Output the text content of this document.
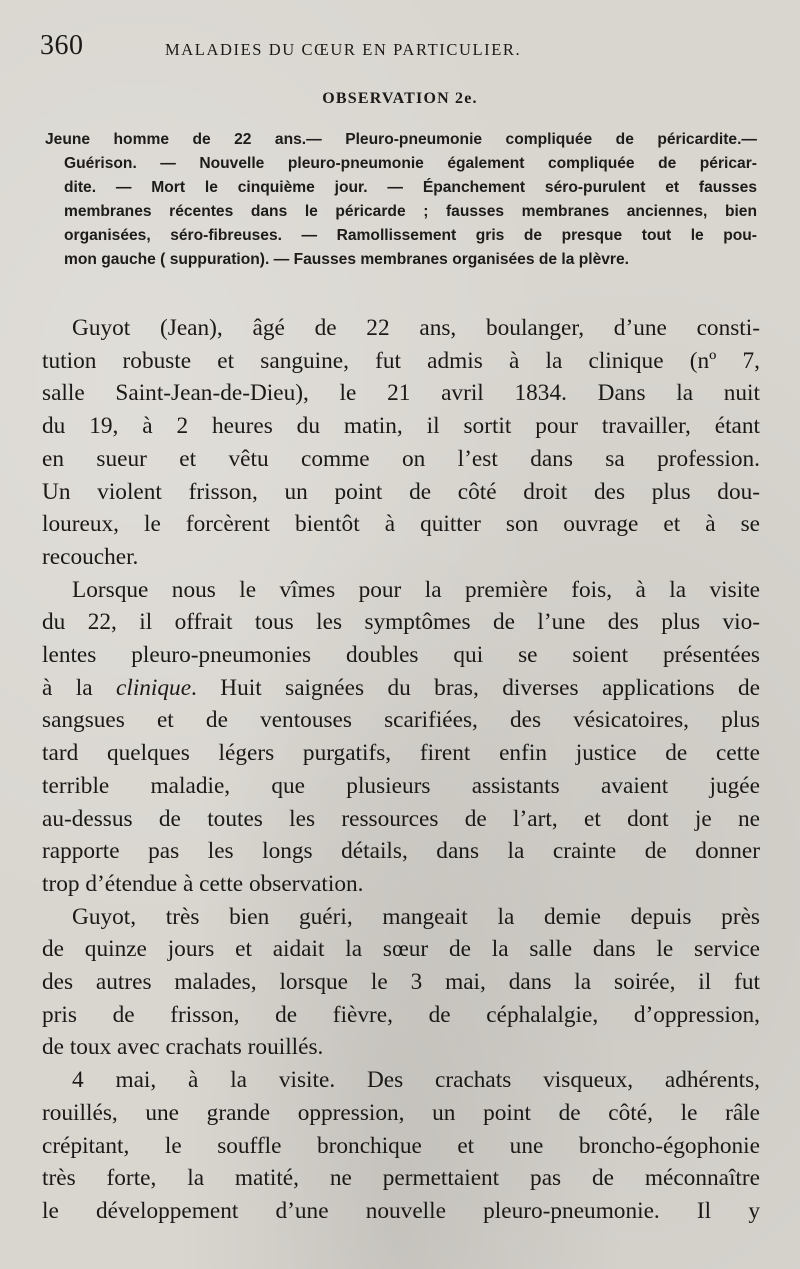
360	MALADIES DU CŒUR EN PARTICULIER.
OBSERVATION 2e.
Jeune homme de 22 ans.— Pleuro-pneumonie compliquée de péricardite.—
Guérison. — Nouvelle pleuro-pneumonie également compliquée de péricar-
dite. — Mort le cinquième jour. — Épanchement séro-purulent et fausses
membranes récentes dans le péricarde ; fausses membranes anciennes, bien
organisées, séro-fibreuses. — Ramollissement gris de presque tout le pou-
mon gauche ( suppuration). — Fausses membranes organisées de la plèvre.
Guyot (Jean), âgé de 22 ans, boulanger, d’une consti-
tution robuste et sanguine, fut admis à la clinique (nº 7,
salle Saint-Jean-de-Dieu), le 21 avril 1834. Dans la nuit
du 19, à 2 heures du matin, il sortit pour travailler, étant
en sueur et vêtu comme on l’est dans sa profession.
Un violent frisson, un point de côté droit des plus dou-
loureux, le forcèrent bientôt à quitter son ouvrage et à se
recoucher.
Lorsque nous le vîmes pour la première fois, à la visite
du 22, il offrait tous les symptômes de l’une des plus vio-
lentes pleuro-pneumonies doubles qui se soient présentées
à la clinique. Huit saignées du bras, diverses applications de
sangsues et de ventouses scarifiées, des vésicatoires, plus
tard quelques légers purgatifs, firent enfin justice de cette
terrible maladie, que plusieurs assistants avaient jugée
au-dessus de toutes les ressources de l’art, et dont je ne
rapporte pas les longs détails, dans la crainte de donner
trop d’étendue à cette observation.
Guyot, très bien guéri, mangeait la demie depuis près
de quinze jours et aidait la sœur de la salle dans le service
des autres malades, lorsque le 3 mai, dans la soirée, il fut
pris de frisson, de fièvre, de céphalalgie, d’oppression,
de toux avec crachats rouillés.
4 mai, à la visite. Des crachats visqueux, adhérents,
rouillés, une grande oppression, un point de côté, le râle
crépitant, le souffle bronchique et une broncho-égophonie
très forte, la matité, ne permettaient pas de méconnaître
le développement d’une nouvelle pleuro-pneumonie. Il y
